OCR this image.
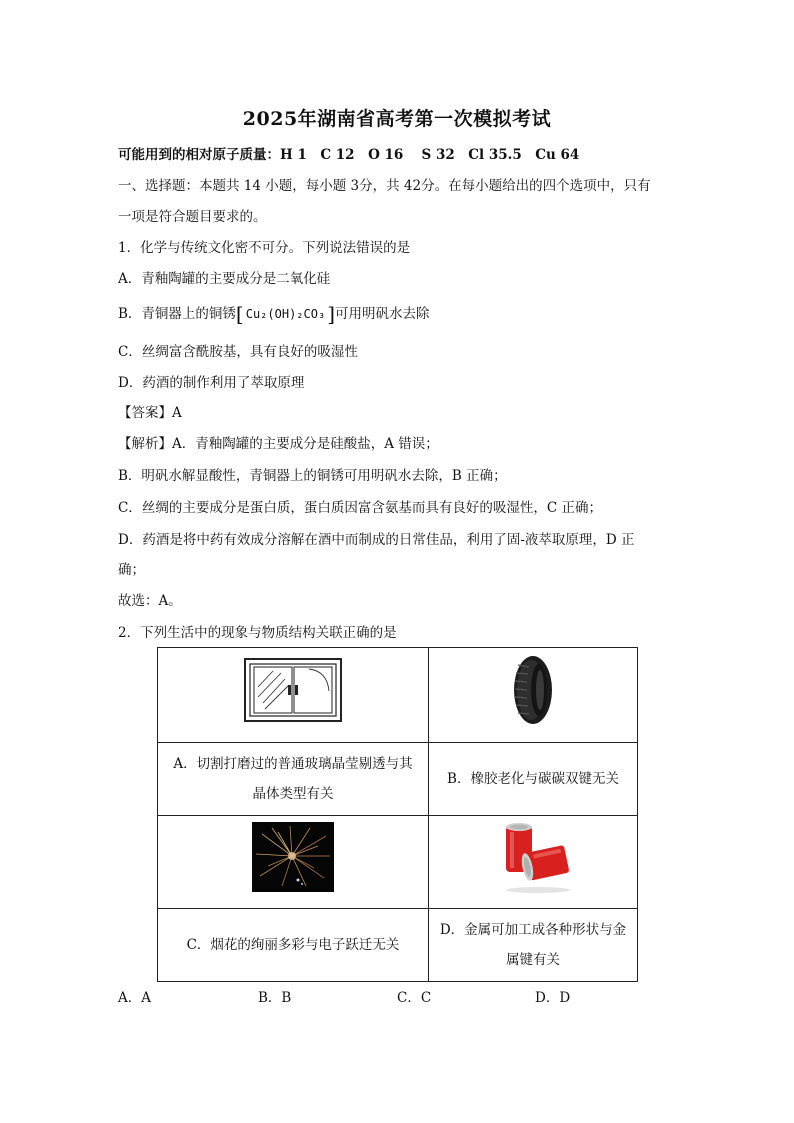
2025年湖南省高考第一次模拟考试
可能用到的相对原子质量：H 1　C 12　O 16　 S 32　Cl 35.5　Cu 64
一、选择题：本题共 14 小题，每小题 3分，共 42分。在每小题给出的四个选项中，只有
一项是符合题目要求的。
1．化学与传统文化密不可分。下列说法错误的是
A．青釉陶罐的主要成分是二氧化硅
B．青铜器上的铜锈[ Cu₂(OH)₂CO₃ ]可用明矾水去除
C．丝绸富含酰胺基，具有良好的吸湿性
D．药酒的制作利用了萃取原理
【答案】A
【解析】A．青釉陶罐的主要成分是硅酸盐，A 错误；
B．明矾水解显酸性，青铜器上的铜锈可用明矾水去除，B 正确；
C．丝绸的主要成分是蛋白质，蛋白质因富含氨基而具有良好的吸湿性，C 正确；
D．药酒是将中药有效成分溶解在酒中而制成的日常佳品，利用了固-液萃取原理，D 正
确；
故选：A。
2．下列生活中的现象与物质结构关联正确的是

A．切割打磨过的普通玻璃晶莹剔透与其
晶体类型有关	B．橡胶老化与碳碳双键无关

C．烟花的绚丽多彩与电子跃迁无关	D．金属可加工成各种形状与金
属键有关
A．A	B．B	C．C	D．D
